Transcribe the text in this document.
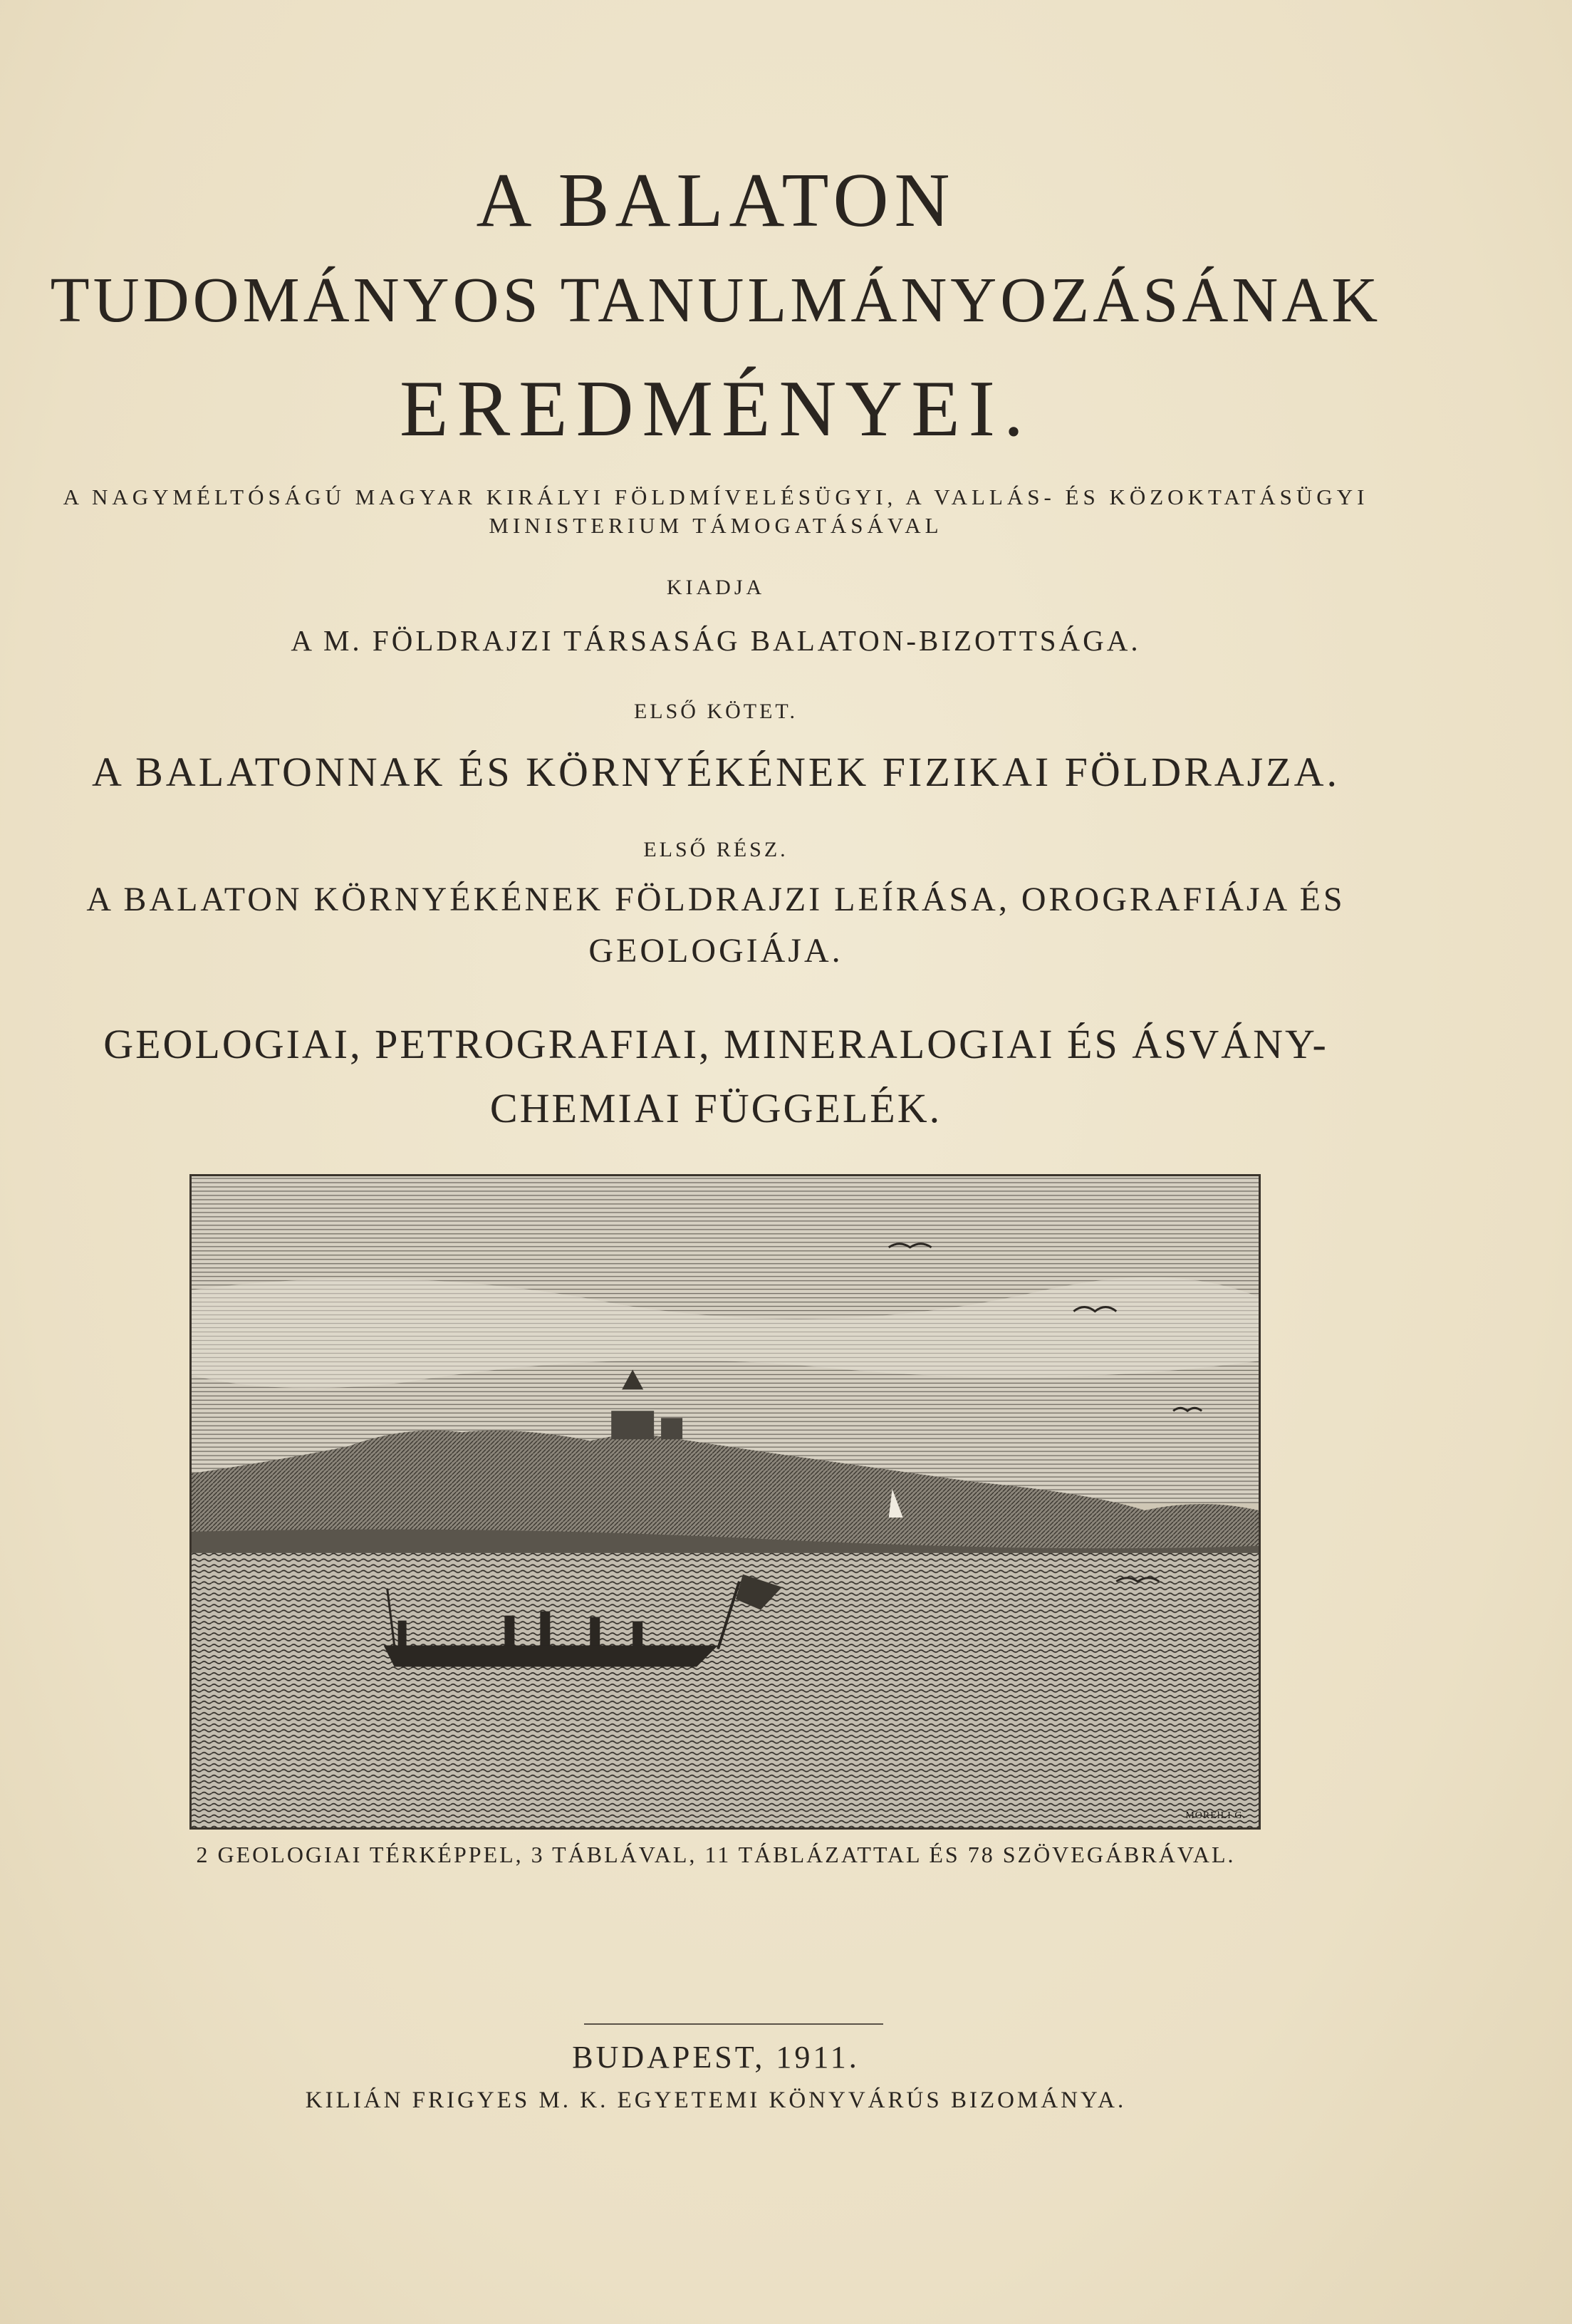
A BALATON
TUDOMÁNYOS TANULMÁNYOZÁSÁNAK
EREDMÉNYEI.
A NAGYMÉLTÓSÁGÚ MAGYAR KIRÁLYI FÖLDMÍVELÉSÜGYI, A VALLÁS- ÉS KÖZOKTATÁSÜGYI
MINISTERIUM TÁMOGATÁSÁVAL
KIADJA
A M. FÖLDRAJZI TÁRSASÁG BALATON-BIZOTTSÁGA.
ELSŐ KÖTET.
A BALATONNAK ÉS KÖRNYÉKÉNEK FIZIKAI FÖLDRAJZA.
ELSŐ RÉSZ.
A BALATON KÖRNYÉKÉNEK FÖLDRAJZI LEÍRÁSA, OROGRAFIÁJA ÉS
GEOLOGIÁJA.
GEOLOGIAI, PETROGRAFIAI, MINERALOGIAI ÉS ÁSVÁNY-
CHEMIAI FÜGGELÉK.
MOREłLI G.
2 GEOLOGIAI TÉRKÉPPEL, 3 TÁBLÁVAL, 11 TÁBLÁZATTAL ÉS 78 SZÖVEGÁBRÁVAL.
BUDAPEST, 1911.
KILIÁN FRIGYES M. K. EGYETEMI KÖNYVÁRÚS BIZOMÁNYA.
